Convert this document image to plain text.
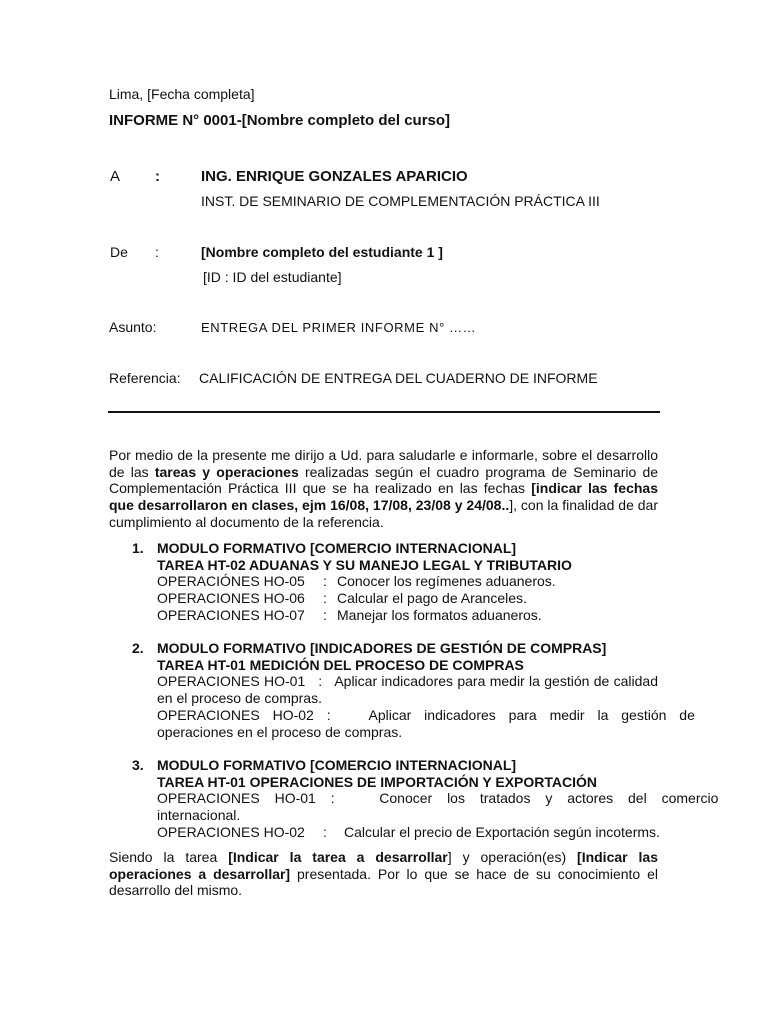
Lima, [Fecha completa]
INFORME N° 0001-[Nombre completo del curso]
A :	ING. ENRIQUE GONZALES APARICIO
INST. DE SEMINARIO DE COMPLEMENTACIÓN PRÁCTICA III
De :	[Nombre completo del estudiante 1 ]
[ID : ID del estudiante]
Asunto:	ENTREGA DEL PRIMER INFORME N° ……
Referencia: CALIFICACIÓN DE ENTREGA DEL CUADERNO DE INFORME
Por medio de la presente me dirijo a Ud. para saludarle e informarle, sobre el desarrollo de las tareas y operaciones realizadas según el cuadro programa de Seminario de Complementación Práctica III que se ha realizado en las fechas [indicar las fechas que desarrollaron en clases, ejm 16/08, 17/08, 23/08 y 24/08..], con la finalidad de dar cumplimiento al documento de la referencia.
1. MODULO FORMATIVO [COMERCIO INTERNACIONAL]
TAREA HT-02 ADUANAS Y SU MANEJO LEGAL Y TRIBUTARIO
OPERACIÓNES HO-05 : Conocer los regímenes aduaneros.
OPERACIONES HO-06 : Calcular el pago de Aranceles.
OPERACIONES HO-07 : Manejar los formatos aduaneros.
2. MODULO FORMATIVO [INDICADORES DE GESTIÓN DE COMPRAS]
TAREA HT-01 MEDICIÓN DEL PROCESO DE COMPRAS
OPERACIONES HO-01   :   Aplicar indicadores para medir la gestión de calidad
en el proceso de compras.
OPERACIONES HO-02 :   Aplicar indicadores para medir la gestión de
operaciones en el proceso de compras.
3. MODULO FORMATIVO [COMERCIO INTERNACIONAL]
TAREA HT-01 OPERACIONES DE IMPORTACIÓN Y EXPORTACIÓN
OPERACIONES HO-01 :   Conocer los tratados y actores del comercio
internacional.
OPERACIONES HO-02 : Calcular el precio de Exportación según incoterms.
Siendo la tarea [Indicar la tarea a desarrollar] y operación(es) [Indicar las operaciones a desarrollar] presentada. Por lo que se hace de su conocimiento el desarrollo del mismo.
